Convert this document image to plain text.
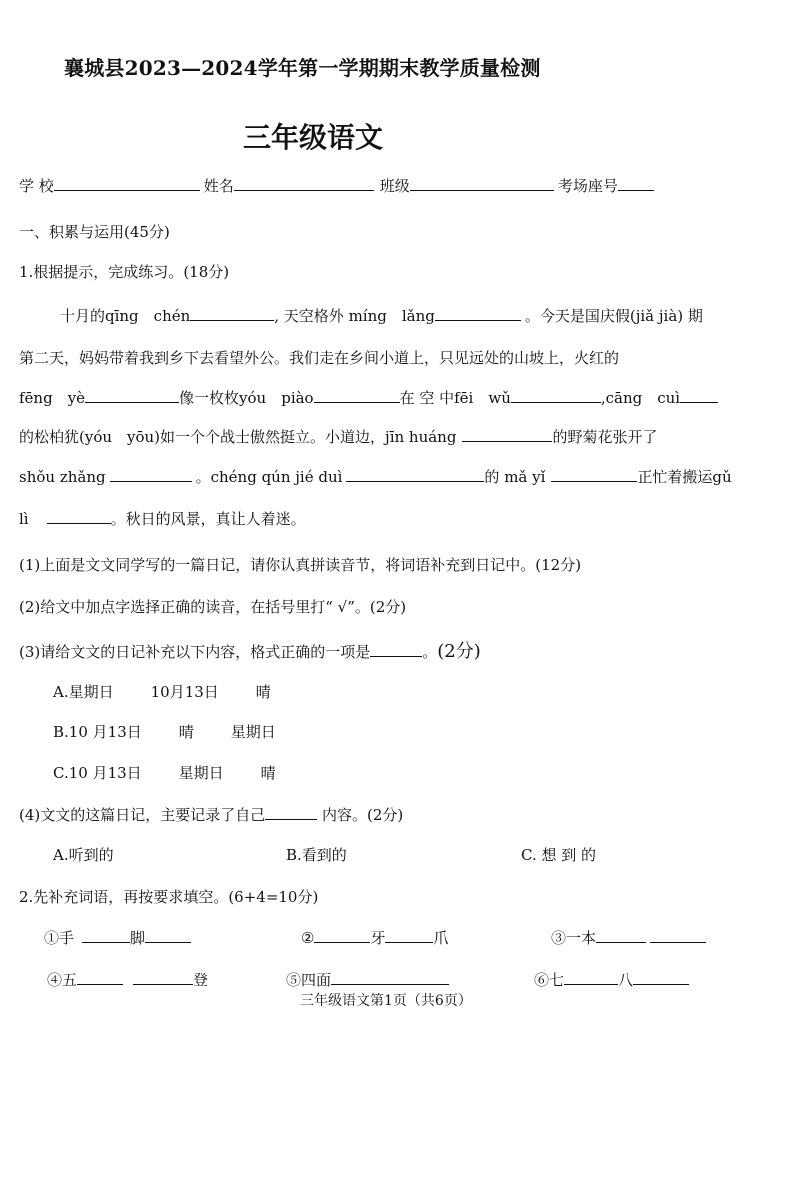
襄城县2023—2024学年第一学期期末教学质量检测
三年级语文
学 校	姓名	班级	考场座号
一、积累与运用(45分)
1.根据提示，完成练习。(18分)
十月的qīng　chén	, 天空格外 míng　lǎng	。今天是国庆假(jiǎ jià) 期
第二天，妈妈带着我到乡下去看望外公。我们走在乡间小道上，只见远处的山坡上，火红的
fēng　yè	像一枚枚yóu　piào	在 空 中fēi　wǔ	,cāng　cuì
的松柏犹(yóu　yōu)如一个个战士傲然挺立。小道边，jīn huáng	的野菊花张开了
shǒu zhǎng	。chéng qún jié duì	的 mǎ yǐ	正忙着搬运gǔ
lì	。秋日的风景，真让人着迷。
(1)上面是文文同学写的一篇日记，请你认真拼读音节，将词语补充到日记中。(12分)
(2)给文中加点字选择正确的读音，在括号里打“ √”。(2分)
(3)请给文文的日记补充以下内容，格式正确的一项是	。(2分)
A.星期日 10月13日 晴
B.10 月13日 晴 星期日
C.10 月13日 星期日 晴
(4)文文的这篇日记，主要记录了自己	内容。(2分)
A.听到的	B.看到的	C. 想 到 的
2.先补充词语，再按要求填空。(6+4=10分)
①手	脚	②	牙	爪	③一本
④五	登	⑤四面	⑥七	八
三年级语文第1页（共6页）
